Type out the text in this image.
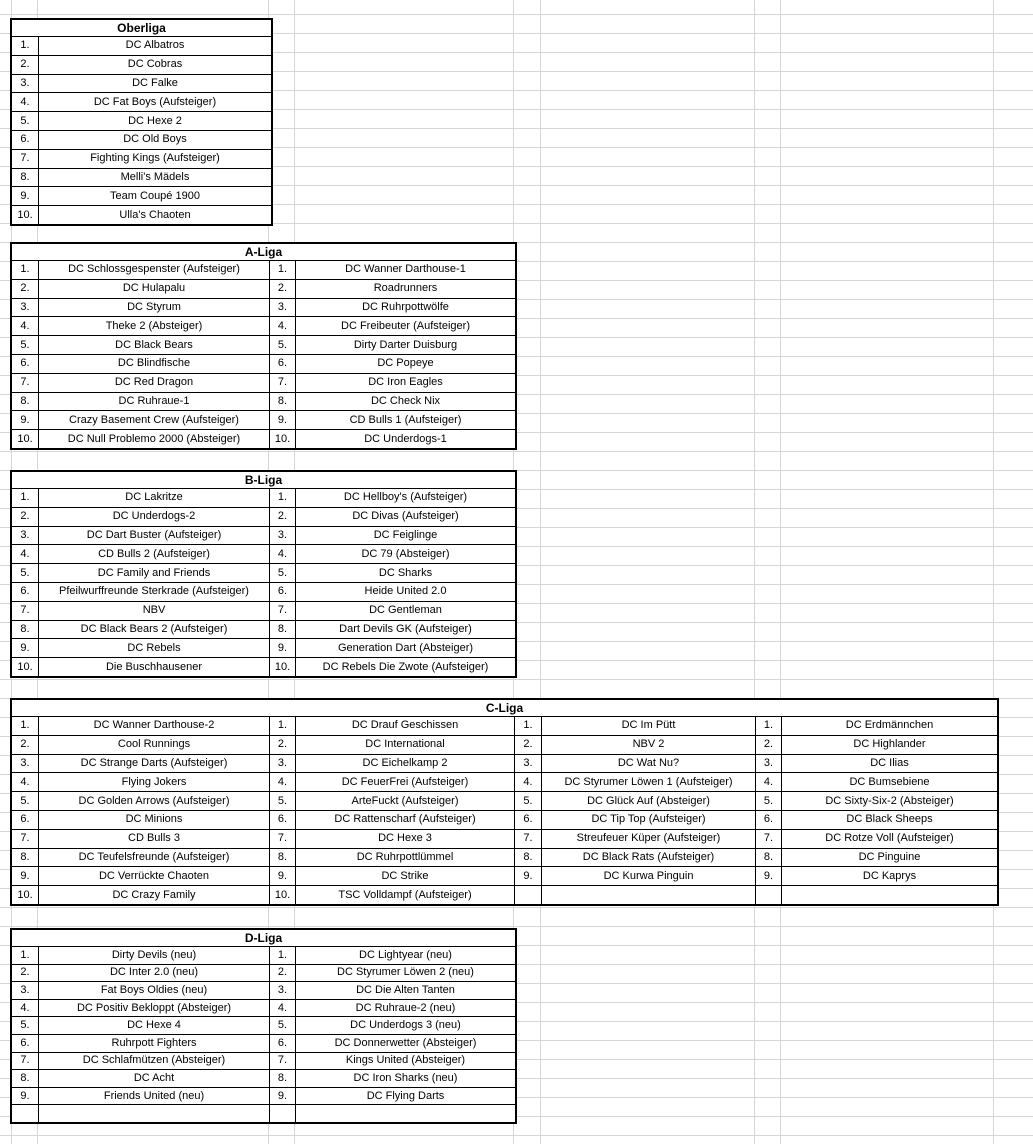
Oberliga
1.	DC Albatros
2.	DC Cobras
3.	DC Falke
4.	DC Fat Boys (Aufsteiger)
5.	DC Hexe 2
6.	DC Old Boys
7.	Fighting Kings (Aufsteiger)
8.	Melli's Mädels
9.	Team Coupé 1900
10.	Ulla's Chaoten
A-Liga
1.	DC Schlossgespenster (Aufsteiger)	1.	DC Wanner Darthouse-1
2.	DC Hulapalu	2.	Roadrunners
3.	DC Styrum	3.	DC Ruhrpottwölfe
4.	Theke 2 (Absteiger)	4.	DC Freibeuter (Aufsteiger)
5.	DC Black Bears	5.	Dirty Darter Duisburg
6.	DC Blindfische	6.	DC Popeye
7.	DC Red Dragon	7.	DC Iron Eagles
8.	DC Ruhraue-1	8.	DC Check Nix
9.	Crazy Basement Crew (Aufsteiger)	9.	CD Bulls 1 (Aufsteiger)
10.	DC Null Problemo 2000 (Absteiger)	10.	DC Underdogs-1
B-Liga
1.	DC Lakritze	1.	DC Hellboy's (Aufsteiger)
2.	DC Underdogs-2	2.	DC Divas (Aufsteiger)
3.	DC Dart Buster (Aufsteiger)	3.	DC Feiglinge
4.	CD Bulls 2 (Aufsteiger)	4.	DC 79 (Absteiger)
5.	DC Family and Friends	5.	DC Sharks
6.	Pfeilwurffreunde Sterkrade (Aufsteiger)	6.	Heide United 2.0
7.	NBV	7.	DC Gentleman
8.	DC Black Bears 2 (Aufsteiger)	8.	Dart Devils GK (Aufsteiger)
9.	DC Rebels	9.	Generation Dart (Absteiger)
10.	Die Buschhausener	10.	DC Rebels Die Zwote (Aufsteiger)
C-Liga
1.	DC Wanner Darthouse-2	1.	DC Drauf Geschissen	1.	DC Im Pütt	1.	DC Erdmännchen
2.	Cool Runnings	2.	DC International	2.	NBV 2	2.	DC Highlander
3.	DC Strange Darts (Aufsteiger)	3.	DC Eichelkamp 2	3.	DC Wat Nu?	3.	DC Ilias
4.	Flying Jokers	4.	DC FeuerFrei (Aufsteiger)	4.	DC Styrumer Löwen 1 (Aufsteiger)	4.	DC Bumsebiene
5.	DC Golden Arrows (Aufsteiger)	5.	ArteFuckt (Aufsteiger)	5.	DC Glück Auf (Absteiger)	5.	DC Sixty-Six-2 (Absteiger)
6.	DC Minions	6.	DC Rattenscharf (Aufsteiger)	6.	DC Tip Top (Aufsteiger)	6.	DC Black Sheeps
7.	CD Bulls 3	7.	DC Hexe 3	7.	Streufeuer Küper (Aufsteiger)	7.	DC Rotze Voll (Aufsteiger)
8.	DC Teufelsfreunde (Aufsteiger)	8.	DC Ruhrpottlümmel	8.	DC Black Rats (Aufsteiger)	8.	DC Pinguine
9.	DC Verrückte Chaoten	9.	DC Strike	9.	DC Kurwa Pinguin	9.	DC Kaprys
10.	DC Crazy Family	10.	TSC Volldampf (Aufsteiger)
D-Liga
1.	Dirty Devils (neu)	1.	DC Lightyear (neu)
2.	DC Inter 2.0 (neu)	2.	DC Styrumer Löwen 2 (neu)
3.	Fat Boys Oldies (neu)	3.	DC Die Alten Tanten
4.	DC Positiv Bekloppt (Absteiger)	4.	DC Ruhraue-2 (neu)
5.	DC Hexe 4	5.	DC Underdogs 3 (neu)
6.	Ruhrpott Fighters	6.	DC Donnerwetter (Absteiger)
7.	DC Schlafmützen (Absteiger)	7.	Kings United (Absteiger)
8.	DC Acht	8.	DC Iron Sharks (neu)
9.	Friends United (neu)	9.	DC Flying Darts
